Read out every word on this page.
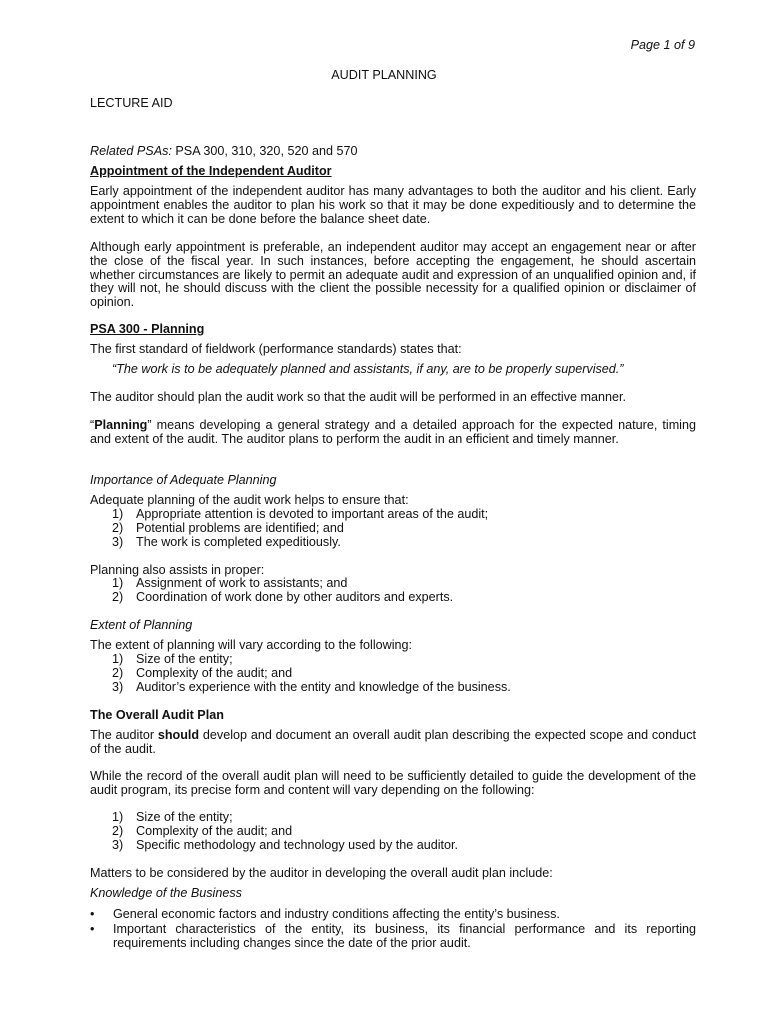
Page 1 of 9
AUDIT PLANNING
LECTURE AID
Related PSAs: PSA 300, 310, 320, 520 and 570
Appointment of the Independent Auditor

Early appointment of the independent auditor has many advantages to both the auditor and his client. Early appointment enables the auditor to plan his work so that it may be done expeditiously and to determine the extent to which it can be done before the balance sheet date.

Although early appointment is preferable, an independent auditor may accept an engagement near or after the close of the fiscal year. In such instances, before accepting the engagement, he should ascertain whether circumstances are likely to permit an adequate audit and expression of an unqualified opinion and, if they will not, he should discuss with the client the possible necessity for a qualified opinion or disclaimer of opinion.

PSA 300 - Planning
The first standard of fieldwork (performance standards) states that:
“The work is to be adequately planned and assistants, if any, are to be properly supervised.”
The auditor should plan the audit work so that the audit will be performed in an effective manner.

“Planning” means developing a general strategy and a detailed approach for the expected nature, timing and extent of the audit. The auditor plans to perform the audit in an efficient and timely manner.

Importance of Adequate Planning
Adequate planning of the audit work helps to ensure that:
1) Appropriate attention is devoted to important areas of the audit;
2) Potential problems are identified; and
3) The work is completed expeditiously.
Planning also assists in proper:
1) Assignment of work to assistants; and
2) Coordination of work done by other auditors and experts.
Extent of Planning
The extent of planning will vary according to the following:
1) Size of the entity;
2) Complexity of the audit; and
3) Auditor’s experience with the entity and knowledge of the business.
The Overall Audit Plan

The auditor should develop and document an overall audit plan describing the expected scope and conduct of the audit.

While the record of the overall audit plan will need to be sufficiently detailed to guide the development of the audit program, its precise form and content will vary depending on the following:

1) Size of the entity;
2) Complexity of the audit; and
3) Specific methodology and technology used by the auditor.
Matters to be considered by the auditor in developing the overall audit plan include:
Knowledge of the Business
• General economic factors and industry conditions affecting the entity’s business.
• Important characteristics of the entity, its business, its financial performance and its reporting requirements including changes since the date of the prior audit.
